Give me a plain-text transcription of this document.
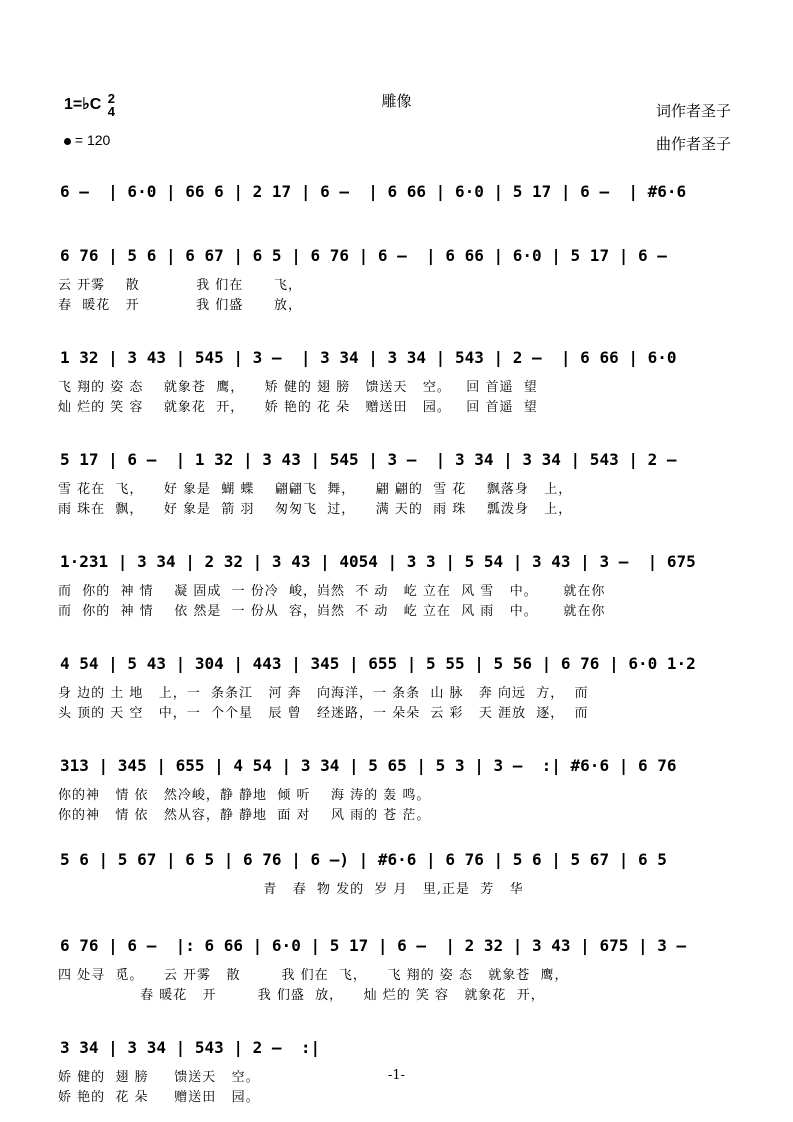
雕像
词作者圣子
曲作者圣子
1=♭C 2
4
= 120
6 –  | 6·0 | 66 6 | 2 17 | 6 –  | 6 66 | 6·0 | 5 17 | 6 –  | #6·6
6 76 | 5 6 | 6 67 | 6 5 | 6 76 | 6 –  | 6 66 | 6·0 | 5 17 | 6 –
云 开雾    散           我 们在      飞，
春  暖花   开           我 们盛      放，
1 32 | 3 43 | 545 | 3 –  | 3 34 | 3 34 | 543 | 2 –  | 6 66 | 6·0
飞 翔的 姿 态    就象苍  鹰，    矫 健的 翅 膀   馈送天   空。   回 首遥  望
灿 烂的 笑 容    就象花  开，    娇 艳的 花 朵   赠送田   园。   回 首遥  望
5 17 | 6 –  | 1 32 | 3 43 | 545 | 3 –  | 3 34 | 3 34 | 543 | 2 –
雪 花在  飞，    好 象是  蝴 蝶    翩翩飞  舞，    翩 翩的  雪 花    飘落身   上，
雨 珠在  飘，    好 象是  箭 羽    匆匆飞  过，    满 天的  雨 珠    瓢泼身   上，
1·231 | 3 34 | 2 32 | 3 43 | 4054 | 3 3 | 5 54 | 3 43 | 3 –  | 675
而  你的  神 情    凝 固成  一 份冷  峻，岿然  不 动   屹 立在  风 雪   中。     就在你
而  你的  神 情    依 然是  一 份从  容，岿然  不 动   屹 立在  风 雨   中。     就在你
4 54 | 5 43 | 304 | 443 | 345 | 655 | 5 55 | 5 56 | 6 76 | 6·0 1·2
身 边的 土 地   上，一  条条江   河 奔   向海洋，一 条条  山 脉   奔 向远  方，  而
头 顶的 天 空   中，一  个个星   辰 曾   经迷路，一 朵朵  云 彩   天 涯放  逐，  而
313 | 345 | 655 | 4 54 | 3 34 | 5 65 | 5 3 | 3 –  :| #6·6 | 6 76
你的神   情 依   然冷峻，静 静地  倾 听    海 涛的 轰 鸣。
你的神   情 依   然从容，静 静地  面 对    风 雨的 苍 茫。
5 6 | 5 67 | 6 5 | 6 76 | 6 –) | #6·6 | 6 76 | 5 6 | 5 67 | 6 5
青   春  物 发的  岁 月   里,正是  芳   华
6 76 | 6 –  |: 6 66 | 6·0 | 5 17 | 6 –  | 2 32 | 3 43 | 675 | 3 –
四 处寻  觅。    云 开雾   散        我 们在  飞，    飞 翔的 姿 态   就象苍  鹰，
春 暖花   开        我 们盛  放，    灿 烂的 笑 容   就象花  开，
3 34 | 3 34 | 543 | 2 –  :|
娇 健的  翅 膀     馈送天   空。
娇 艳的  花 朵     赠送田   园。
-1-
